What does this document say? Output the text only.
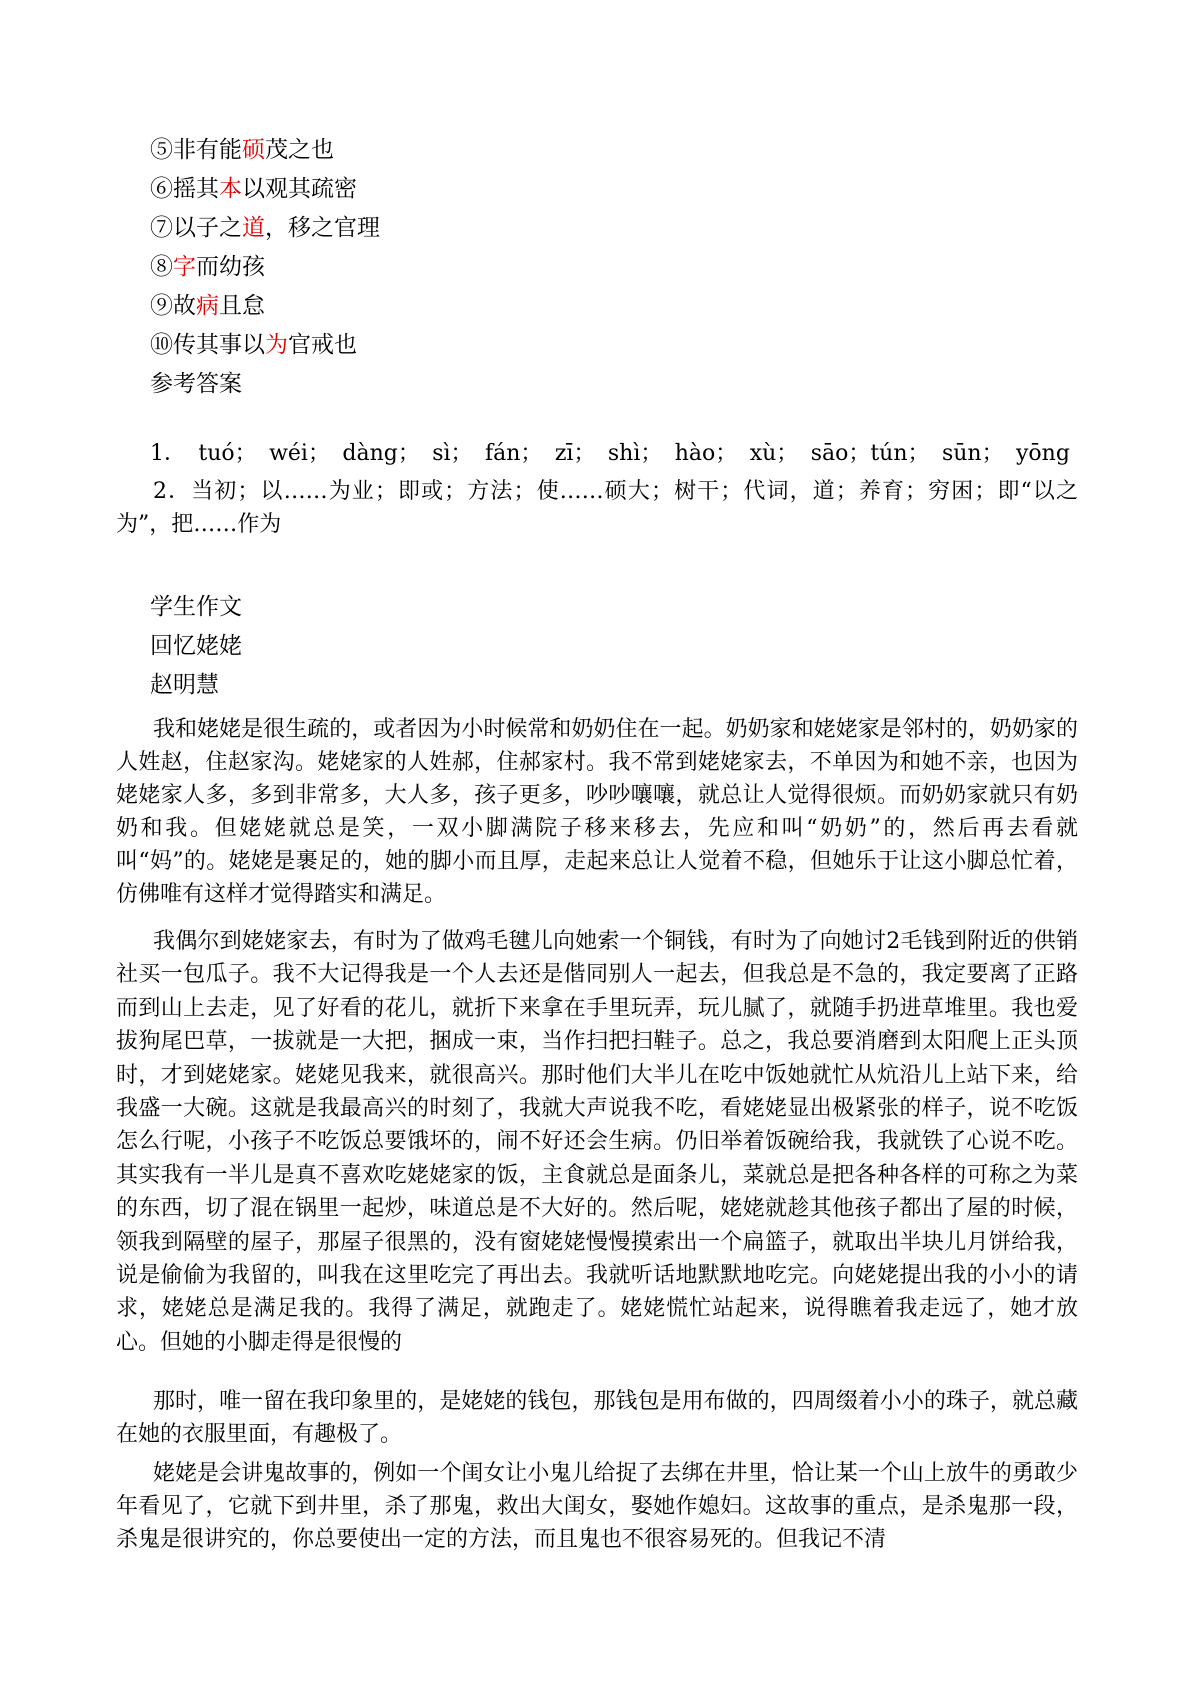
⑤非有能硕茂之也
⑥摇其本以观其疏密
⑦以子之道，移之官理
⑧字而幼孩
⑨故病且怠
⑩传其事以为官戒也
参考答案
1． tuó； wéi； dàng； sì； fán； zī； shì； hào； xù； sāo；tún； sūn； yōng

2．当初；以……为业；即或；方法；使……硕大；树干；代词，道；养育；穷困；即“以之为”，把……作为

学生作文
回忆姥姥
赵明慧

我和姥姥是很生疏的，或者因为小时候常和奶奶住在一起。奶奶家和姥姥家是邻村的，奶奶家的人姓赵，住赵家沟。姥姥家的人姓郝，住郝家村。我不常到姥姥家去，不单因为和她不亲，也因为姥姥家人多，多到非常多，大人多，孩子更多，吵吵嚷嚷，就总让人觉得很烦。而奶奶家就只有奶奶和我。但姥姥就总是笑，一双小脚满院子移来移去，先应和叫“奶奶”的，然后再去看就叫“妈”的。姥姥是裹足的，她的脚小而且厚，走起来总让人觉着不稳，但她乐于让这小脚总忙着，仿佛唯有这样才觉得踏实和满足。

我偶尔到姥姥家去，有时为了做鸡毛毽儿向她索一个铜钱，有时为了向她讨2毛钱到附近的供销社买一包瓜子。我不大记得我是一个人去还是偕同别人一起去，但我总是不急的，我定要离了正路而到山上去走，见了好看的花儿，就折下来拿在手里玩弄，玩儿腻了，就随手扔进草堆里。我也爱拔狗尾巴草，一拔就是一大把，捆成一束，当作扫把扫鞋子。总之，我总要消磨到太阳爬上正头顶时，才到姥姥家。姥姥见我来，就很高兴。那时他们大半儿在吃中饭她就忙从炕沿儿上站下来，给我盛一大碗。这就是我最高兴的时刻了，我就大声说我不吃，看姥姥显出极紧张的样子，说不吃饭怎么行呢，小孩子不吃饭总要饿坏的，闹不好还会生病。仍旧举着饭碗给我，我就铁了心说不吃。其实我有一半儿是真不喜欢吃姥姥家的饭，主食就总是面条儿，菜就总是把各种各样的可称之为菜的东西，切了混在锅里一起炒，味道总是不大好的。然后呢，姥姥就趁其他孩子都出了屋的时候，领我到隔壁的屋子，那屋子很黑的，没有窗姥姥慢慢摸索出一个扁篮子，就取出半块儿月饼给我，说是偷偷为我留的，叫我在这里吃完了再出去。我就听话地默默地吃完。向姥姥提出我的小小的请求，姥姥总是满足我的。我得了满足，就跑走了。姥姥慌忙站起来，说得瞧着我走远了，她才放心。但她的小脚走得是很慢的

那时，唯一留在我印象里的，是姥姥的钱包，那钱包是用布做的，四周缀着小小的珠子，就总藏在她的衣服里面，有趣极了。

姥姥是会讲鬼故事的，例如一个闺女让小鬼儿给捉了去绑在井里，恰让某一个山上放牛的勇敢少年看见了，它就下到井里，杀了那鬼，救出大闺女，娶她作媳妇。这故事的重点，是杀鬼那一段，杀鬼是很讲究的，你总要使出一定的方法，而且鬼也不很容易死的。但我记不清
